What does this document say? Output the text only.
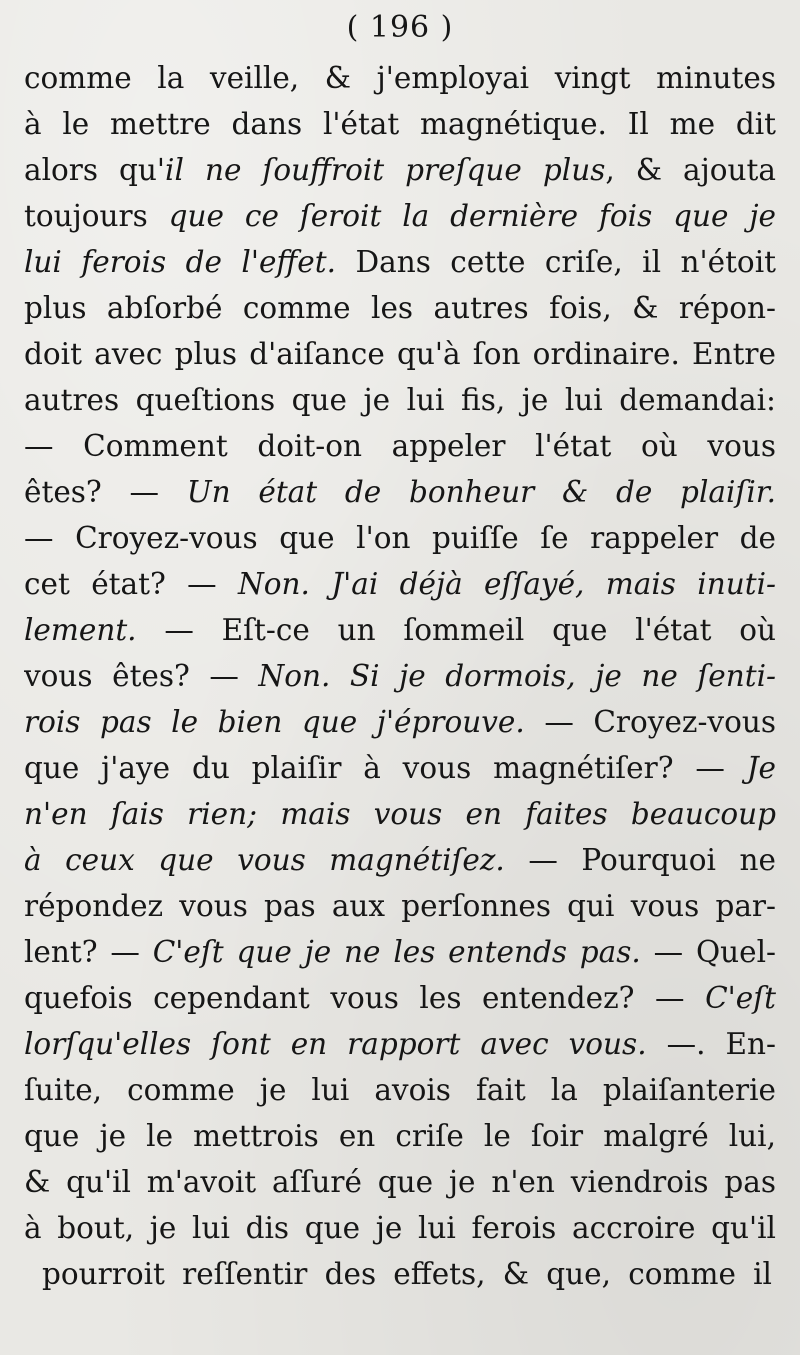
( 196 )
comme la veille, & j'employai vingt minutes
à le mettre dans l'état magnétique. Il me dit
alors qu'il ne ſouffroit preſque plus, & ajouta
toujours que ce ſeroit la dernière fois que je
lui ferois de l'effet. Dans cette criſe, il n'étoit
plus abſorbé comme les autres fois, & répon-
doit avec plus d'aiſance qu'à ſon ordinaire. Entre
autres queſtions que je lui fis, je lui demandai:
— Comment doit-on appeler l'état où vous
êtes? — Un état de bonheur & de plaiſir.
— Croyez-vous que l'on puiſſe ſe rappeler de
cet état? — Non. J'ai déjà eſſayé, mais inuti-
lement. — Eſt-ce un ſommeil que l'état où
vous êtes? — Non. Si je dormois, je ne ſenti-
rois pas le bien que j'éprouve. — Croyez-vous
que j'aye du plaiſir à vous magnétiſer? — Je
n'en ſais rien; mais vous en faites beaucoup
à ceux que vous magnétiſez. — Pourquoi ne
répondez vous pas aux perſonnes qui vous par-
lent? — C'eſt que je ne les entends pas. — Quel-
quefois cependant vous les entendez? — C'eſt
lorſqu'elles ſont en rapport avec vous. —. En-
ſuite, comme je lui avois fait la plaiſanterie
que je le mettrois en criſe le ſoir malgré lui,
& qu'il m'avoit aſſuré que je n'en viendrois pas
à bout, je lui dis que je lui ferois accroire qu'il
pourroit reſſentir des effets, & que, comme il
